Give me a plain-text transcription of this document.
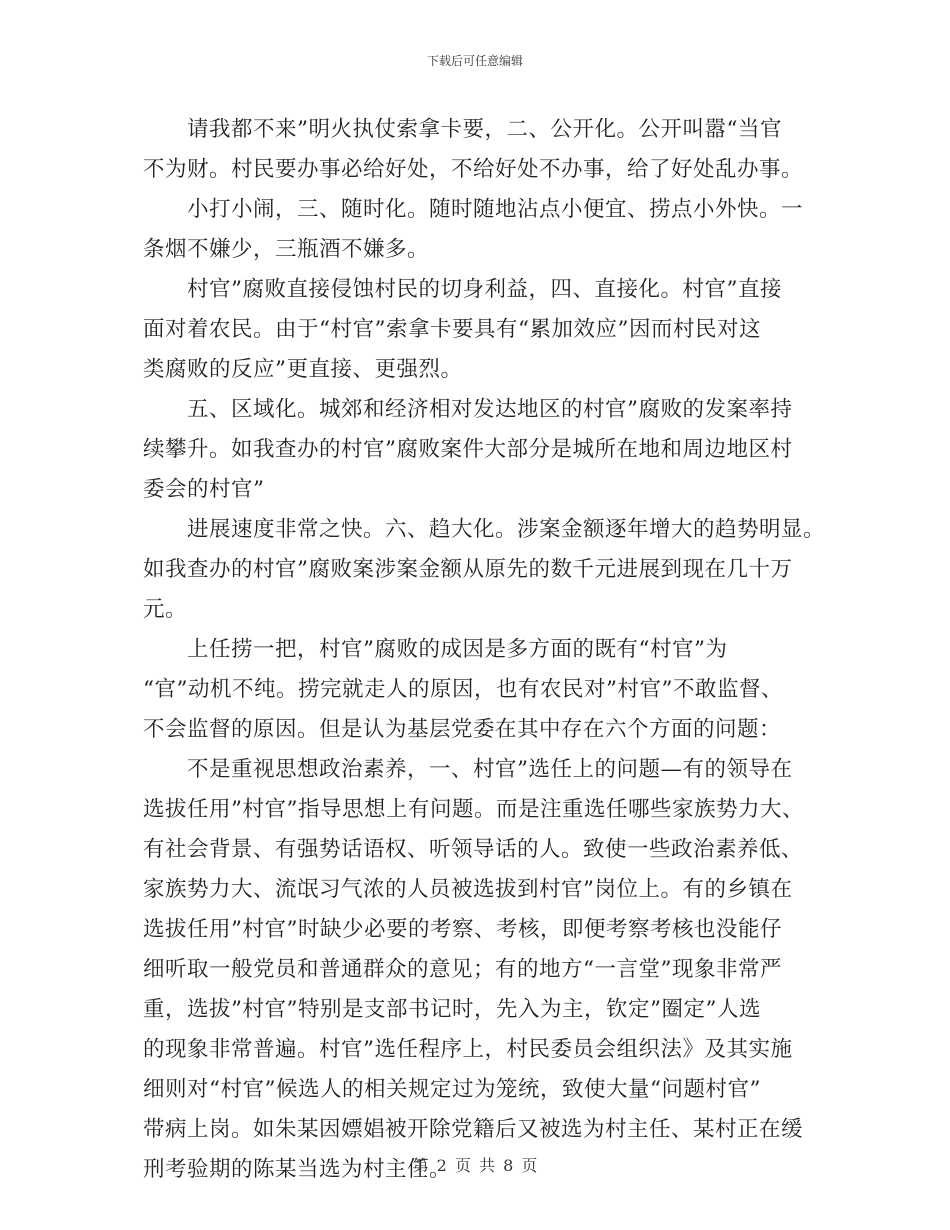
下载后可任意编辑
　　请我都不来”明火执仗索拿卡要，二、公开化。公开叫嚣“当官
不为财。村民要办事必给好处，不给好处不办事，给了好处乱办事。
　　小打小闹，三、随时化。随时随地沾点小便宜、捞点小外快。一
条烟不嫌少，三瓶酒不嫌多。
　　村官”腐败直接侵蚀村民的切身利益，四、直接化。村官”直接
面对着农民。由于“村官”索拿卡要具有“累加效应”因而村民对这
类腐败的反应”更直接、更强烈。
　　五、区域化。城郊和经济相对发达地区的村官”腐败的发案率持
续攀升。如我查办的村官”腐败案件大部分是城所在地和周边地区村
委会的村官”
　　进展速度非常之快。六、趋大化。涉案金额逐年增大的趋势明显。
如我查办的村官”腐败案涉案金额从原先的数千元进展到现在几十万
元。
　　上任捞一把，村官”腐败的成因是多方面的既有“村官”为
“官”动机不纯。捞完就走人的原因，也有农民对”村官”不敢监督、
不会监督的原因。但是认为基层党委在其中存在六个方面的问题：
　　不是重视思想政治素养，一、村官”选任上的问题—有的领导在
选拔任用”村官”指导思想上有问题。而是注重选任哪些家族势力大、
有社会背景、有强势话语权、听领导话的人。致使一些政治素养低、
家族势力大、流氓习气浓的人员被选拔到村官”岗位上。有的乡镇在
选拔任用”村官”时缺少必要的考察、考核，即便考察考核也没能仔
细听取一般党员和普通群众的意见；有的地方“一言堂”现象非常严
重，选拔”村官”特别是支部书记时，先入为主，钦定”圈定”人选
的现象非常普遍。村官”选任程序上，村民委员会组织法》及其实施
细则对“村官”候选人的相关规定过为笼统，致使大量“问题村官”
带病上岗。如朱某因嫖娼被开除党籍后又被选为村主任、某村正在缓
刑考验期的陈某当选为村主任。
第 2 页 共 8 页
